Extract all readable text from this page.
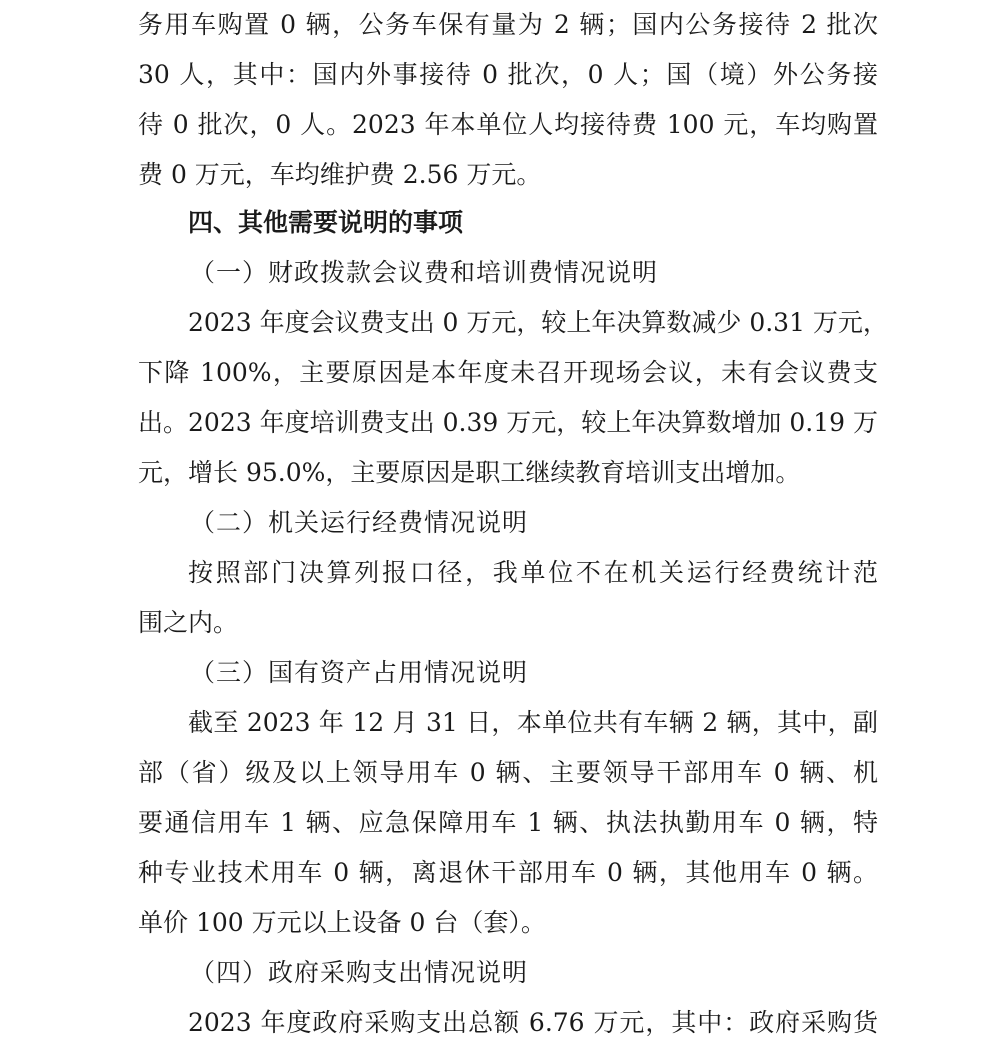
务用车购置 0 辆，公务车保有量为 2 辆；国内公务接待 2 批次
30 人，其中：国内外事接待 0 批次，0 人；国（境）外公务接
待 0 批次，0 人。2023 年本单位人均接待费 100 元，车均购置
费 0 万元，车均维护费 2.56 万元。
四、其他需要说明的事项
（一）财政拨款会议费和培训费情况说明
2023 年度会议费支出 0 万元，较上年决算数减少 0.31 万元，
下降 100%，主要原因是本年度未召开现场会议，未有会议费支
出。2023 年度培训费支出 0.39 万元，较上年决算数增加 0.19 万
元，增长 95.0%，主要原因是职工继续教育培训支出增加。
（二）机关运行经费情况说明
按照部门决算列报口径，我单位不在机关运行经费统计范
围之内。
（三）国有资产占用情况说明
截至 2023 年 12 月 31 日，本单位共有车辆 2 辆，其中，副
部（省）级及以上领导用车 0 辆、主要领导干部用车 0 辆、机
要通信用车 1 辆、应急保障用车 1 辆、执法执勤用车 0 辆，特
种专业技术用车 0 辆，离退休干部用车 0 辆，其他用车 0 辆。
单价 100 万元以上设备 0 台（套）。
（四）政府采购支出情况说明
2023 年度政府采购支出总额 6.76 万元，其中：政府采购货
